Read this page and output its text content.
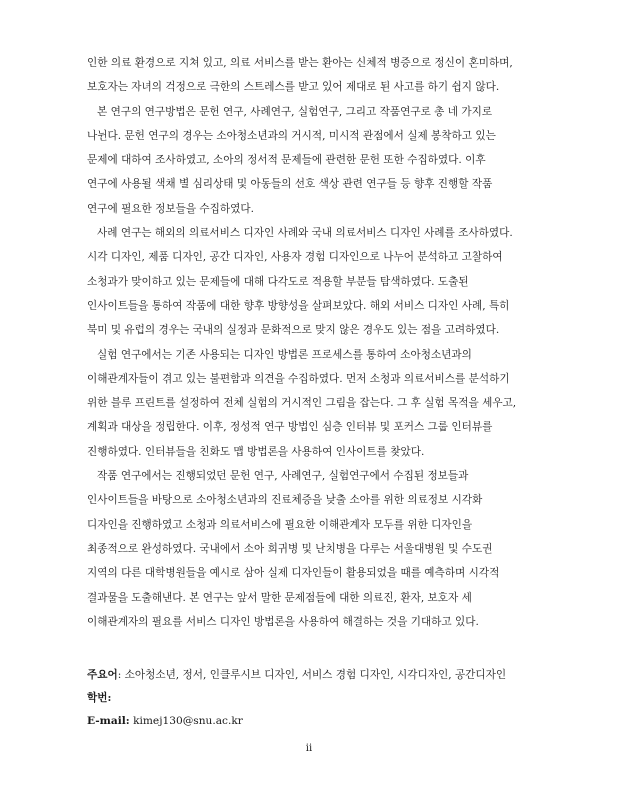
인한 의료 환경으로 지쳐 있고, 의료 서비스를 받는 환아는 신체적 병증으로 정신이 혼미하며,
보호자는 자녀의 걱정으로 극한의 스트레스를 받고 있어 제대로 된 사고를 하기 쉽지 않다.
본 연구의 연구방법은 문헌 연구, 사례연구, 실험연구, 그리고 작품연구로 총 네 가지로
나뉜다. 문헌 연구의 경우는 소아청소년과의 거시적, 미시적 관점에서 실제 봉착하고 있는
문제에 대하여 조사하였고, 소아의 정서적 문제들에 관련한 문헌 또한 수집하였다. 이후
연구에 사용될 색채 별 심리상태 및 아동들의 선호 색상 관련 연구들 등 향후 진행할 작품
연구에 필요한 정보들을 수집하였다.
사례 연구는 해외의 의료서비스 디자인 사례와 국내 의료서비스 디자인 사례를 조사하였다.
시각 디자인, 제품 디자인, 공간 디자인, 사용자 경험 디자인으로 나누어 분석하고 고찰하여
소청과가 맞이하고 있는 문제들에 대해 다각도로 적용할 부분들 탐색하였다. 도출된
인사이트들을 통하여 작품에 대한 향후 방향성을 살펴보았다. 해외 서비스 디자인 사례, 특히
북미 및 유럽의 경우는 국내의 실정과 문화적으로 맞지 않은 경우도 있는 점을 고려하였다.
실험 연구에서는 기존 사용되는 디자인 방법론 프로세스를 통하여 소아청소년과의
이해관계자들이 겪고 있는 불편함과 의견을 수집하였다. 먼저 소청과 의료서비스를 분석하기
위한 블루 프린트를 설정하여 전체 실험의 거시적인 그림을 잡는다. 그 후 실험 목적을 세우고,
계획과 대상을 정립한다. 이후, 정성적 연구 방법인 심층 인터뷰 및 포커스 그룹 인터뷰를
진행하였다. 인터뷰들을 친화도 맵 방법론을 사용하여 인사이트를 찾았다.
작품 연구에서는 진행되었던 문헌 연구, 사례연구, 실험연구에서 수집된 정보들과
인사이트들을 바탕으로 소아청소년과의 진료체증을 낮출 소아를 위한 의료정보 시각화
디자인을 진행하였고 소청과 의료서비스에 필요한 이해관계자 모두를 위한 디자인을
최종적으로 완성하였다. 국내에서 소아 희귀병 및 난치병을 다루는 서울대병원 및 수도권
지역의 다른 대학병원들을 예시로 삼아 실제 디자인들이 활용되었을 때를 예측하며 시각적
결과물을 도출해낸다. 본 연구는 앞서 말한 문제점들에 대한 의료진, 환자, 보호자 세
이해관계자의 필요를 서비스 디자인 방법론을 사용하여 해결하는 것을 기대하고 있다.
주요어: 소아청소년, 정서, 인클루시브 디자인, 서비스 경험 디자인, 시각디자인, 공간디자인
학번:
E-mail: kimej130@snu.ac.kr
ii
